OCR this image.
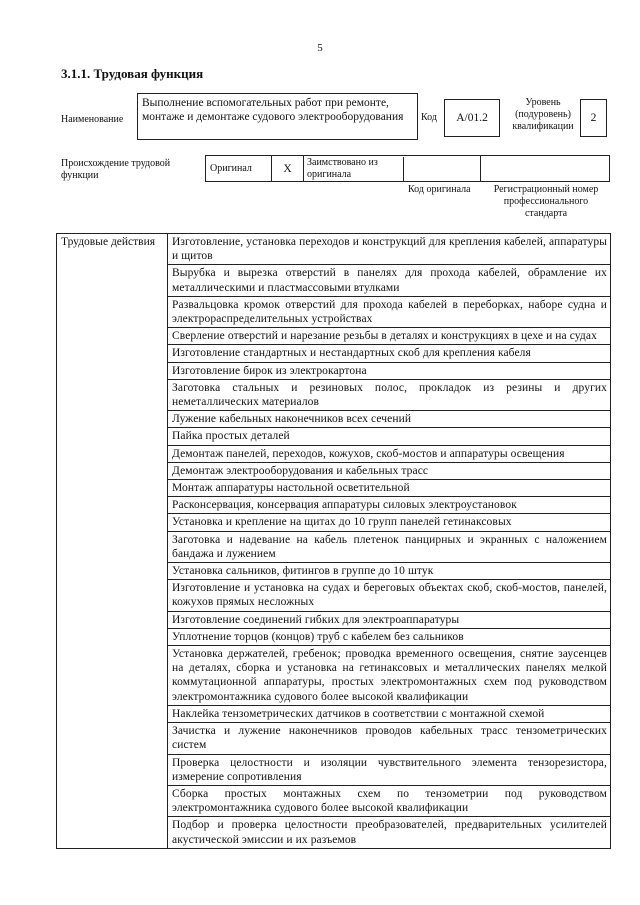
5
3.1.1. Трудовая функция
Наименование
Выполнение вспомогательных работ при ремонте, монтаже и демонтаже судового электрооборудования	Код A/01.2
Уровень (подуровень) квалификации
2
Происхождение трудовой функции
Оригинал	X	Заимствовано из оригинала
Код оригинала	Регистрационный номер профессионального стандарта
Трудовые действия	Изготовление, установка переходов и конструкций для крепления кабелей, аппаратуры и щитов
Вырубка и вырезка отверстий в панелях для прохода кабелей, обрамление их металлическими и пластмассовыми втулками
Развальцовка кромок отверстий для прохода кабелей в переборках, наборе судна и электрораспределительных устройствах
Сверление отверстий и нарезание резьбы в деталях и конструкциях в цехе и на судах
Изготовление стандартных и нестандартных скоб для крепления кабеля
Изготовление бирок из электрокартона
Заготовка стальных и резиновых полос, прокладок из резины и других неметаллических материалов
Лужение кабельных наконечников всех сечений
Пайка простых деталей
Демонтаж панелей, переходов, кожухов, скоб-мостов и аппаратуры освещения
Демонтаж электрооборудования и кабельных трасс
Монтаж аппаратуры настольной осветительной
Расконсервация, консервация аппаратуры силовых электроустановок
Установка и крепление на щитах до 10 групп панелей гетинаксовых
Заготовка и надевание на кабель плетенок панцирных и экранных с наложением бандажа и лужением
Установка сальников, фитингов в группе до 10 штук
Изготовление и установка на судах и береговых объектах скоб, скоб-мостов, панелей, кожухов прямых несложных
Изготовление соединений гибких для электроаппаратуры
Уплотнение торцов (концов) труб с кабелем без сальников
Установка держателей, гребенок; проводка временного освещения, снятие заусенцев на деталях, сборка и установка на гетинаксовых и металлических панелях мелкой коммутационной аппаратуры, простых электромонтажных схем под руководством электромонтажника судового более высокой квалификации
Наклейка тензометрических датчиков в соответствии с монтажной схемой
Зачистка и лужение наконечников проводов кабельных трасс тензометрических систем
Проверка целостности и изоляции чувствительного элемента тензорезистора, измерение сопротивления
Сборка простых монтажных схем по тензометрии под руководством электромонтажника судового более высокой квалификации
Подбор и проверка целостности преобразователей, предварительных усилителей акустической эмиссии и их разъемов
